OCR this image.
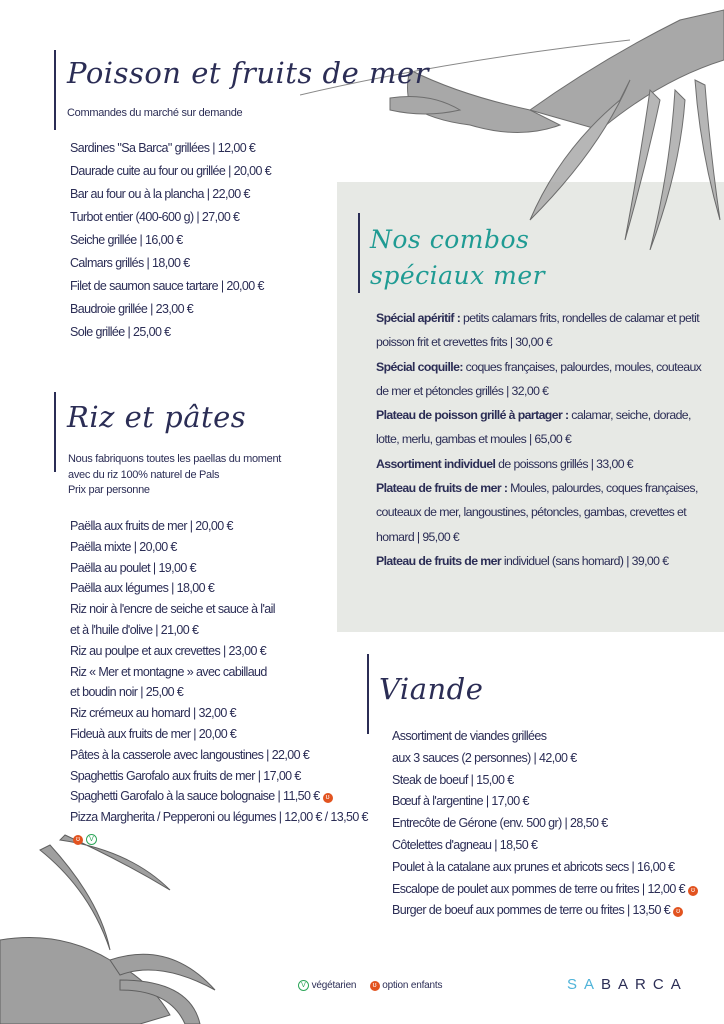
Poisson et fruits de mer
Commandes du marché sur demande
Sardines "Sa Barca" grillées | 12,00 €
Daurade cuite au four ou grillée | 20,00 €
Bar au four ou à la plancha | 22,00 €
Turbot entier (400-600 g) | 27,00 €
Seiche grillée | 16,00 €
Calmars grillés | 18,00 €
Filet de saumon sauce tartare | 20,00 €
Baudroie grillée | 23,00 €
Sole grillée | 25,00 €
Nos combos
spéciaux mer
Spécial apéritif : petits calamars frits, rondelles de calamar et petit poisson frit et crevettes frits | 30,00 €
Spécial coquille: coques françaises, palourdes, moules, couteaux de mer et pétoncles grillés | 32,00 €
Plateau de poisson grillé à partager : calamar, seiche, dorade, lotte, merlu, gambas et moules | 65,00 €
Assortiment individuel de poissons grillés | 33,00 €
Plateau de fruits de mer : Moules, palourdes, coques françaises, couteaux de mer, langoustines, pétoncles, gambas, crevettes et homard | 95,00 €
Plateau de fruits de mer individuel (sans homard) | 39,00 €
Riz et pâtes
Nous fabriquons toutes les paellas du moment
avec du riz 100% naturel de Pals
Prix par personne
Paëlla aux fruits de mer | 20,00 €
Paëlla mixte | 20,00 €
Paëlla au poulet | 19,00 €
Paëlla aux légumes | 18,00 €
Riz noir à l'encre de seiche et sauce à l'ail
et à l'huile d'olive | 21,00 €
Riz au poulpe et aux crevettes | 23,00 €
Riz « Mer et montagne » avec cabillaud
et boudin noir | 25,00 €
Riz crémeux au homard | 32,00 €
Fideuà aux fruits de mer | 20,00 €
Pâtes à la casserole avec langoustines | 22,00 €
Spaghettis Garofalo aux fruits de mer | 17,00 €
Spaghetti Garofalo à la sauce bolognaise | 11,50 € ʊ
Pizza Margherita / Pepperoni ou légumes | 12,00 € / 13,50 €ʊ V
Viande
Assortiment de viandes grillées
aux 3 sauces (2 personnes) | 42,00 €
Steak de boeuf | 15,00 €
Bœuf à l'argentine | 17,00 €
Entrecôte de Gérone (env. 500 gr) | 28,50 €
Côtelettes d'agneau | 18,50 €
Poulet à la catalane aux prunes et abricots secs | 16,00 €
Escalope de poulet aux pommes de terre ou frites | 12,00 € ʊ
Burger de boeuf aux pommes de terre ou frites | 13,50 € ʊ
V végétarien ʊ option enfants	SABARCA
